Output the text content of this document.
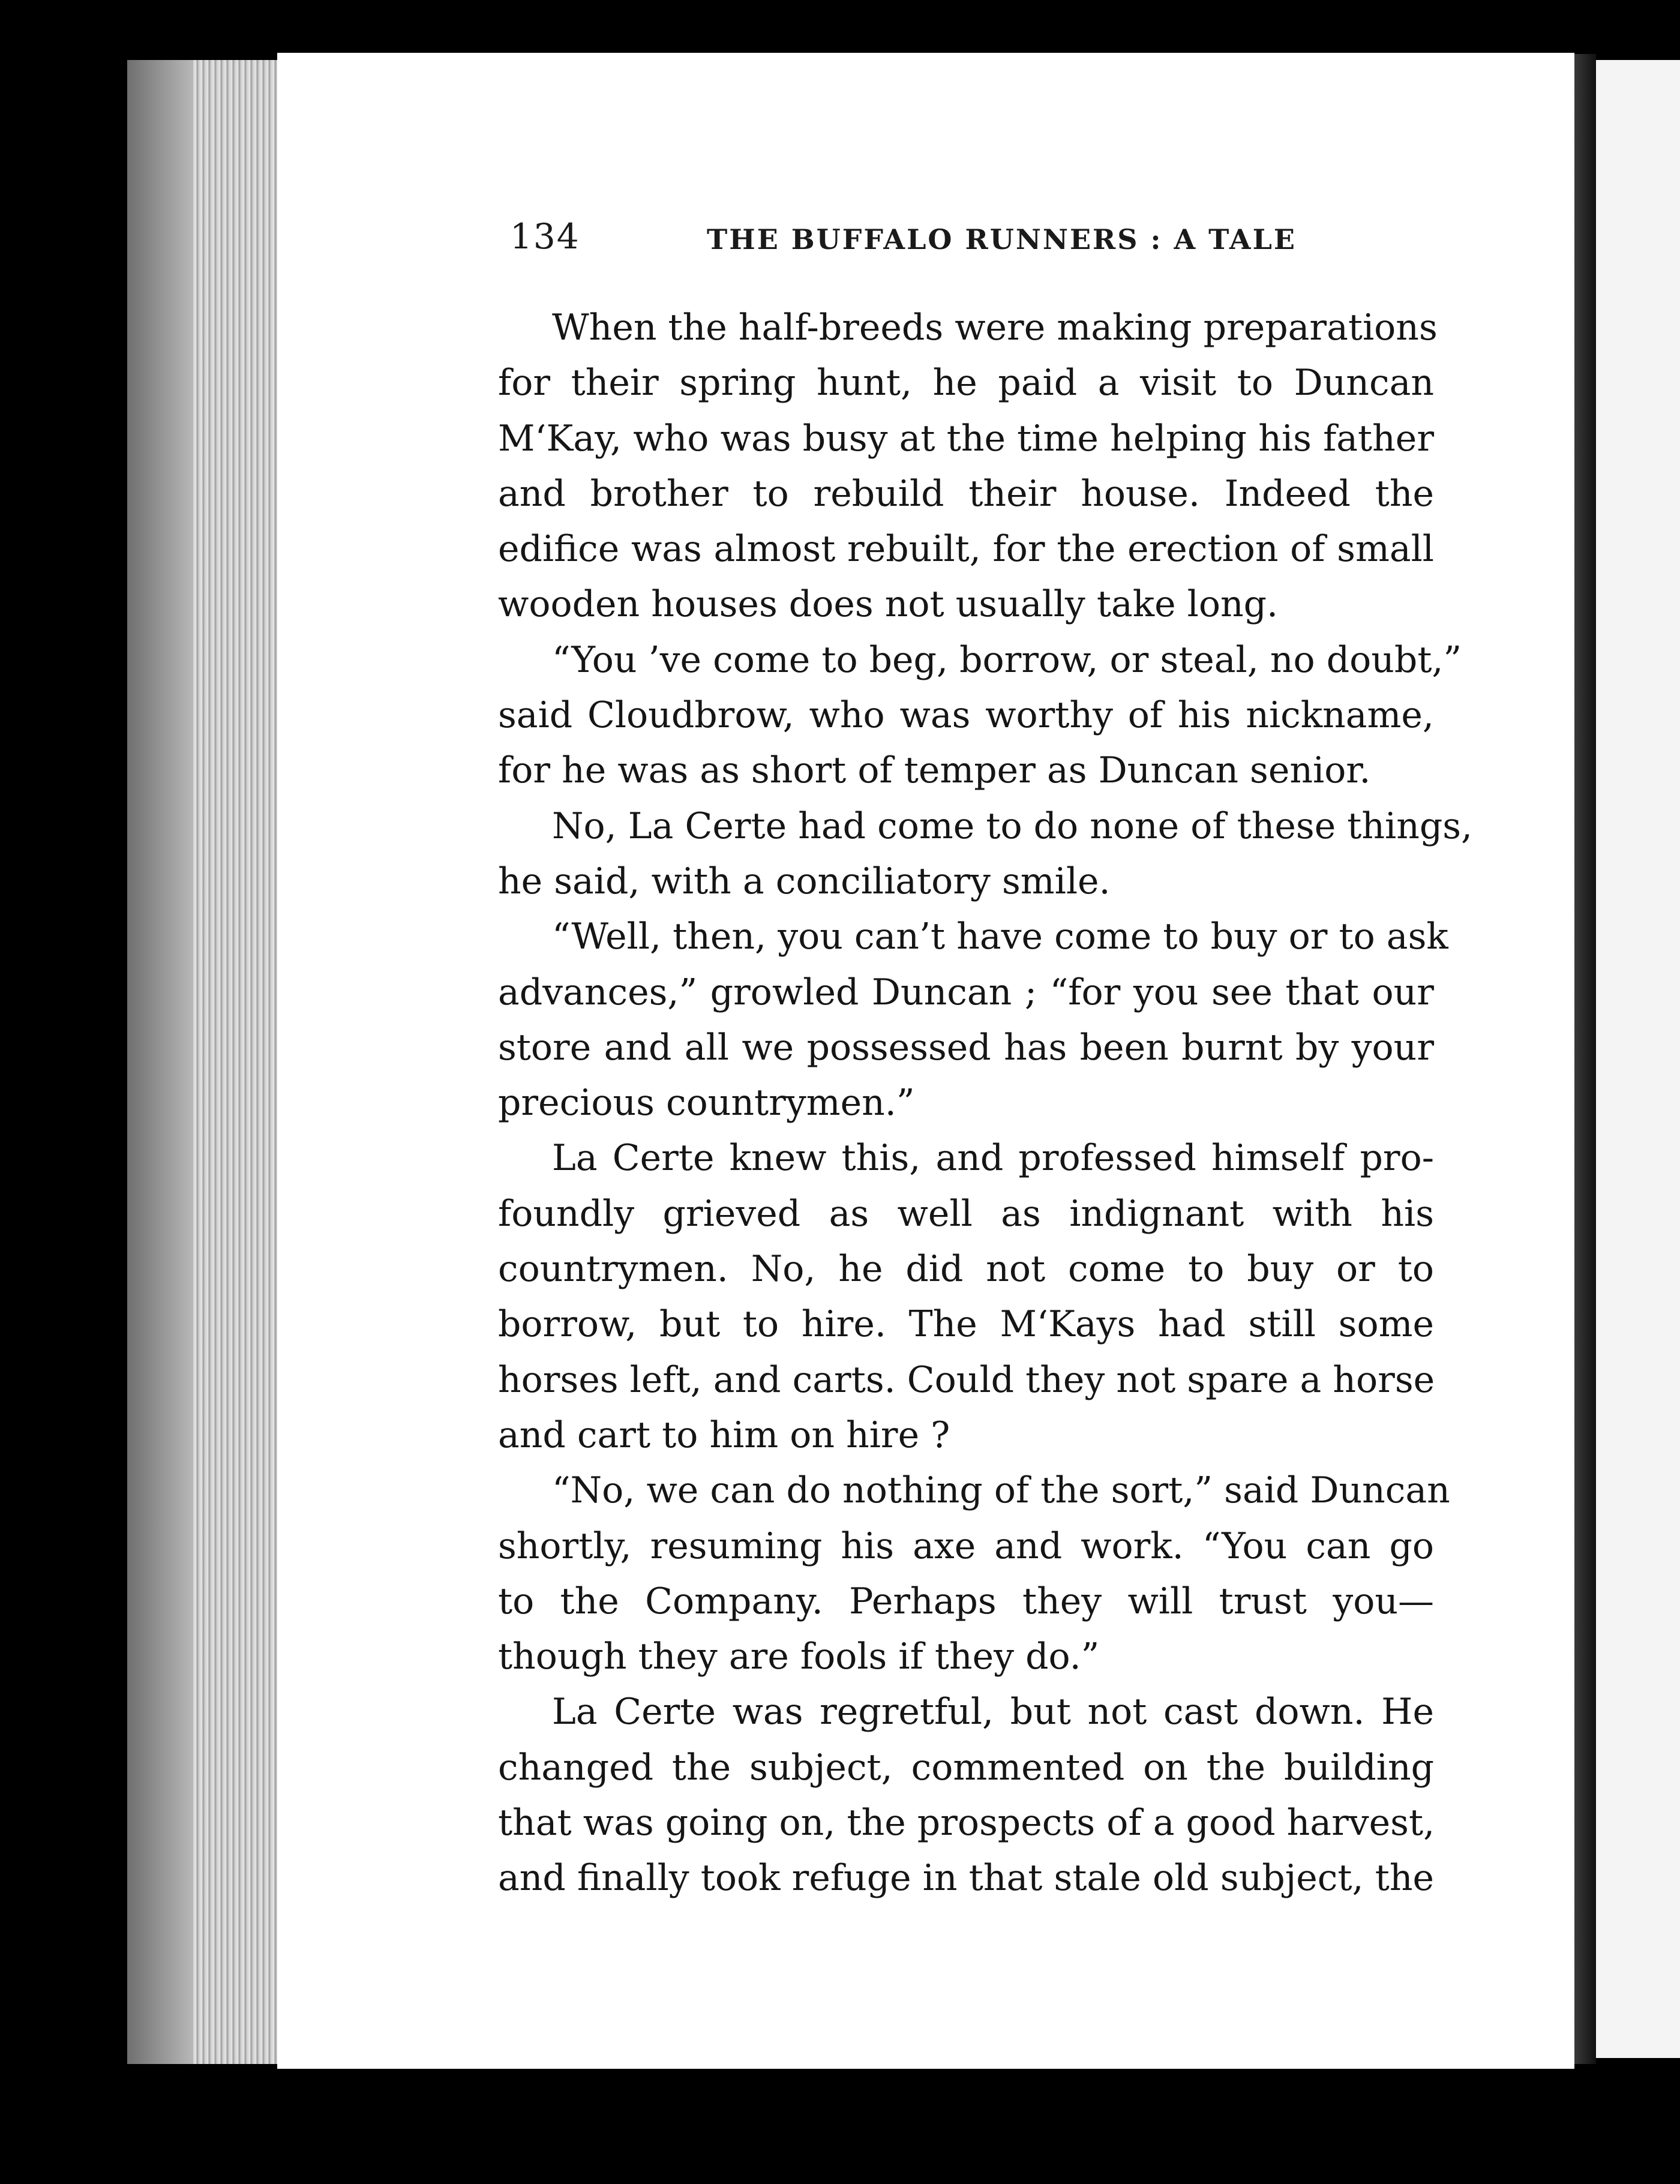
134	THE BUFFALO RUNNERS : A TALE
When the half-breeds were making preparations
for their spring hunt, he paid a visit to Duncan
M‘Kay, who was busy at the time helping his father
and brother to rebuild their house. Indeed the
edifice was almost rebuilt, for the erection of small
wooden houses does not usually take long.
“You ’ve come to beg, borrow, or steal, no doubt,”
said Cloudbrow, who was worthy of his nickname,
for he was as short of temper as Duncan senior.
No, La Certe had come to do none of these things,
he said, with a conciliatory smile.
“Well, then, you can’t have come to buy or to ask
advances,” growled Duncan ; “for you see that our
store and all we possessed has been burnt by your
precious countrymen.”
La Certe knew this, and professed himself pro-
foundly grieved as well as indignant with his
countrymen. No, he did not come to buy or to
borrow, but to hire. The M‘Kays had still some
horses left, and carts. Could they not spare a horse
and cart to him on hire ?
“No, we can do nothing of the sort,” said Duncan
shortly, resuming his axe and work. “You can go
to the Company. Perhaps they will trust you—
though they are fools if they do.”
La Certe was regretful, but not cast down. He
changed the subject, commented on the building
that was going on, the prospects of a good harvest,
and finally took refuge in that stale old subject, the
